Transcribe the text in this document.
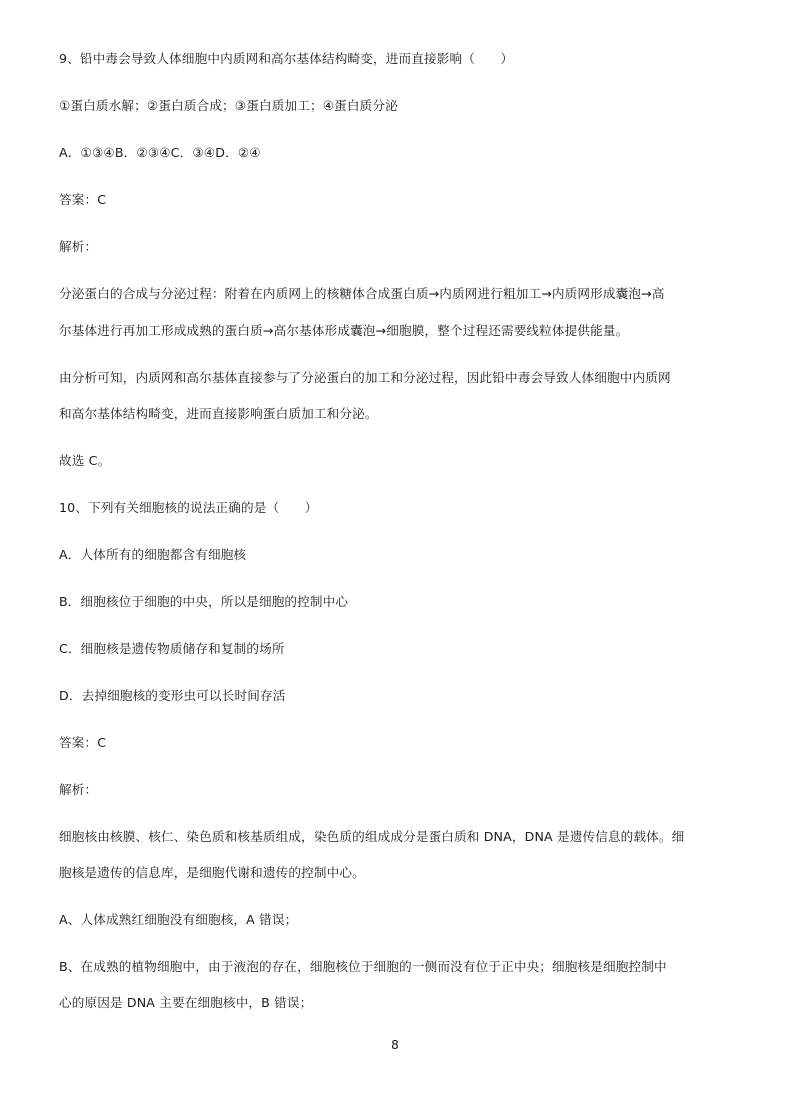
9、铅中毒会导致人体细胞中内质网和高尔基体结构畸变，进而直接影响（　　）
①蛋白质水解；②蛋白质合成；③蛋白质加工；④蛋白质分泌
A．①③④B．②③④C．③④D．②④
答案：C
解析：
分泌蛋白的合成与分泌过程：附着在内质网上的核糖体合成蛋白质→内质网进行粗加工→内质网形成囊泡→高
尔基体进行再加工形成成熟的蛋白质→高尔基体形成囊泡→细胞膜，整个过程还需要线粒体提供能量。
由分析可知，内质网和高尔基体直接参与了分泌蛋白的加工和分泌过程，因此铅中毒会导致人体细胞中内质网
和高尔基体结构畸变，进而直接影响蛋白质加工和分泌。
故选 C。
10、下列有关细胞核的说法正确的是（　　）
A．人体所有的细胞都含有细胞核
B．细胞核位于细胞的中央，所以是细胞的控制中心
C．细胞核是遗传物质储存和复制的场所
D．去掉细胞核的变形虫可以长时间存活
答案：C
解析：
细胞核由核膜、核仁、染色质和核基质组成，染色质的组成成分是蛋白质和 DNA，DNA 是遗传信息的载体。细
胞核是遗传的信息库，是细胞代谢和遗传的控制中心。
A、人体成熟红细胞没有细胞核，A 错误；
B、在成熟的植物细胞中，由于液泡的存在，细胞核位于细胞的一侧而没有位于正中央；细胞核是细胞控制中
心的原因是 DNA 主要在细胞核中，B 错误；
8
